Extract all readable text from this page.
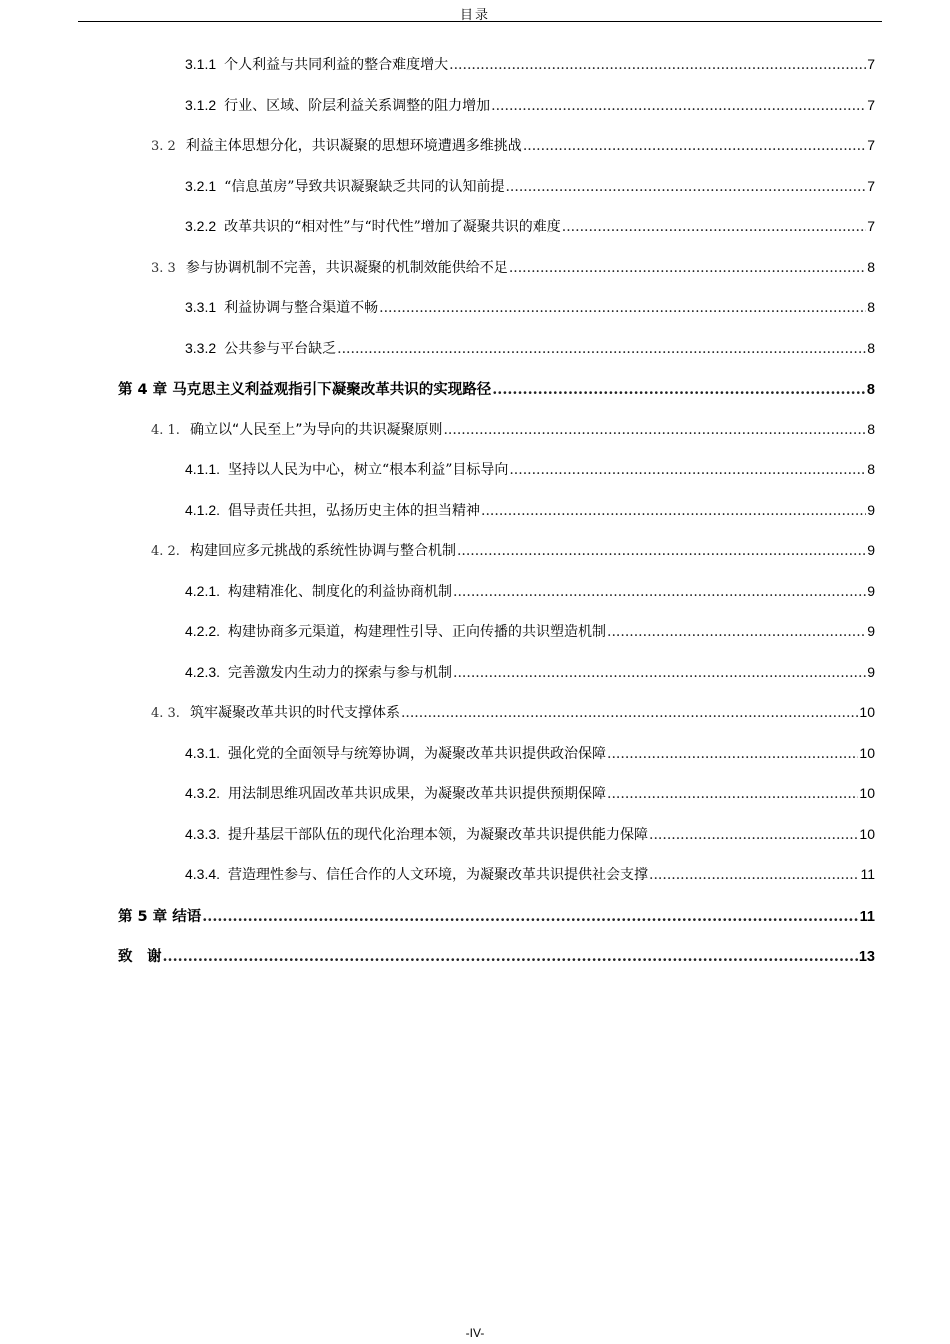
目录
3.1.1 个人利益与共同利益的整合难度增大 .....	7
3.1.2 行业、区域、阶层利益关系调整的阻力增加 .....	7
3. 2 利益主体思想分化，共识凝聚的思想环境遭遇多维挑战 .....	7
3.2.1 “信息茧房”导致共识凝聚缺乏共同的认知前提 .....	7
3.2.2 改革共识的“相对性”与“时代性”增加了凝聚共识的难度 .....	7
3. 3 参与协调机制不完善，共识凝聚的机制效能供给不足 .....	8
3.3.1 利益协调与整合渠道不畅 .....	8
3.3.2 公共参与平台缺乏 .....	8
第 4 章 马克思主义利益观指引下凝聚改革共识的实现路径 .....	8
4. 1. 确立以“人民至上”为导向的共识凝聚原则 .....	8
4.1.1. 坚持以人民为中心，树立“根本利益”目标导向 .....	8
4.1.2. 倡导责任共担，弘扬历史主体的担当精神 .....	9
4. 2. 构建回应多元挑战的系统性协调与整合机制 .....	9
4.2.1. 构建精准化、制度化的利益协商机制 .....	9
4.2.2. 构建协商多元渠道，构建理性引导、正向传播的共识塑造机制 .....	9
4.2.3. 完善激发内生动力的探索与参与机制 .....	9
4. 3. 筑牢凝聚改革共识的时代支撑体系 .....	10
4.3.1. 强化党的全面领导与统筹协调，为凝聚改革共识提供政治保障 .....	10
4.3.2. 用法制思维巩固改革共识成果，为凝聚改革共识提供预期保障 .....	10
4.3.3. 提升基层干部队伍的现代化治理本领，为凝聚改革共识提供能力保障 .....	10
4.3.4. 营造理性参与、信任合作的人文环境，为凝聚改革共识提供社会支撑 .....	11
第 5 章 结语 .....	11
致　谢 .....	13
-IV-
